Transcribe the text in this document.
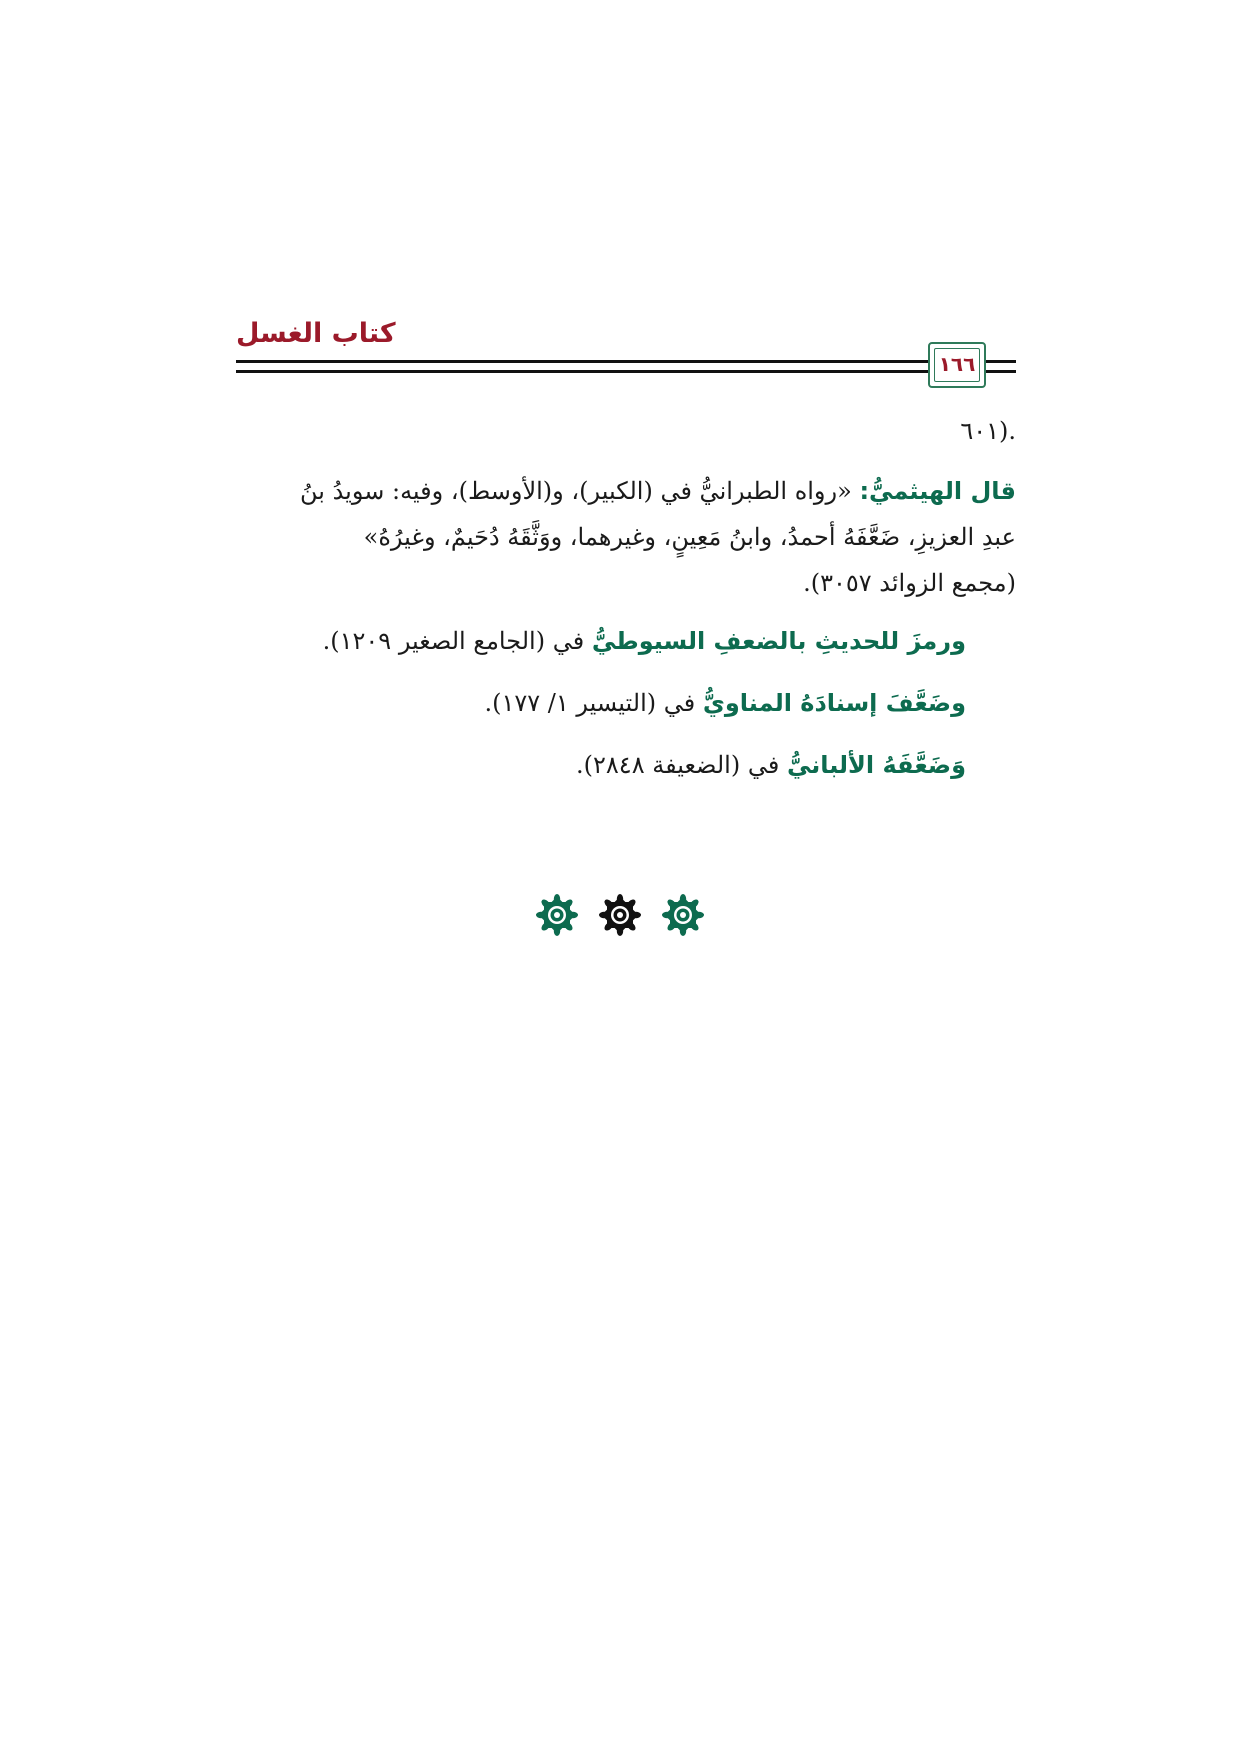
كتاب الغسل
١٦٦
.(٦٠١
قال الهيثميُّ: «رواه الطبرانيُّ في (الكبير)، و(الأوسط)، وفيه: سويدُ بنُ
عبدِ العزيزِ، ضَعَّفَهُ أحمدُ، وابنُ مَعِينٍ، وغيرهما، ووَثَّقَهُ دُحَيمٌ، وغيرُهُ»
(مجمع الزوائد ٣٠٥٧).
ورمزَ للحديثِ بالضعفِ السيوطيُّ في (الجامع الصغير ١٢٠٩).
وضَعَّفَ إسنادَهُ المناويُّ في (التيسير ١/ ١٧٧).
وَضَعَّفَهُ الألبانيُّ في (الضعيفة ٢٨٤٨).
